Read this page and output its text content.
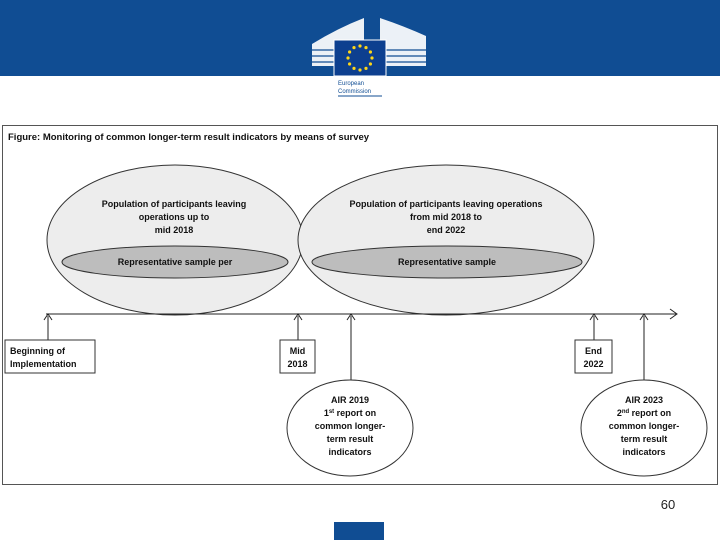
European
Commission
Figure: Monitoring of common longer-term result indicators by means of survey
Population of participants leaving
operations up to
mid 2018
Population of participants leaving operations
from mid 2018 to
end 2022
Representative sample per	Representative sample
Beginning of
Implementation
Mid
2018
End
2022
AIR 2019
1st report on
common longer-
term result
indicators
AIR 2023
2nd report on
common longer-
term result
indicators
60
